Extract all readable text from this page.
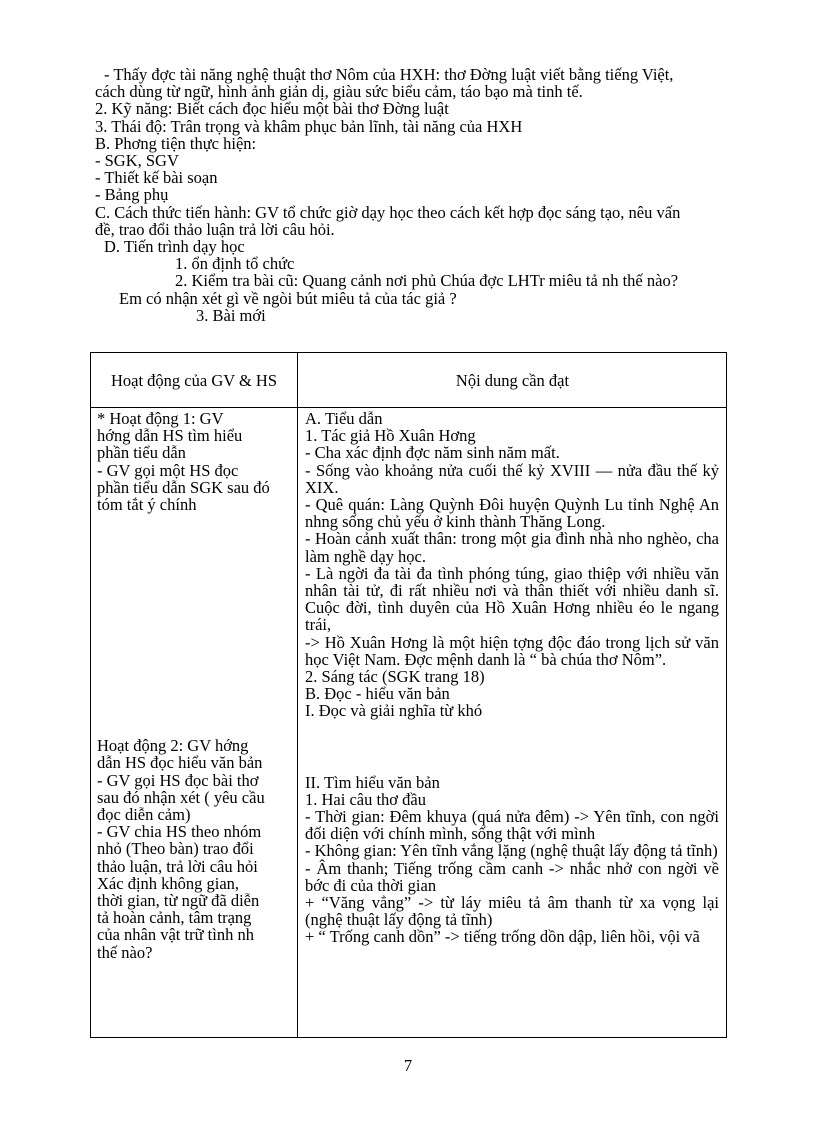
- Thấy đợc tài năng nghệ thuật thơ Nôm của HXH: thơ Đờng luật viết bằng tiếng Việt,

cách dùng từ ngữ, hình ảnh giản dị, giàu sức biểu cảm, táo bạo mà tinh tế.

2. Kỹ năng: Biết cách đọc hiểu một bài thơ Đờng luật

3. Thái độ: Trân trọng và khâm phục bản lĩnh, tài năng của HXH

B. Phơng tiện thực hiện:

- SGK, SGV

- Thiết kế bài soạn

- Bảng phụ

C. Cách thức tiến hành: GV tổ chức giờ dạy học theo cách kết hợp đọc sáng tạo, nêu vấn

đề, trao đổi thảo luận trả lời câu hỏi.

D. Tiến trình dạy học

1. ổn định tổ chức

2. Kiểm tra bài cũ: Quang cảnh nơi phủ Chúa đợc LHTr miêu tả nh thế nào?

Em có nhận xét gì về ngòi bút miêu tả của tác giả ?

3. Bài mới

Hoạt động của GV & HS	Nội dung cần đạt

* Hoạt động 1: GV

hớng dẫn HS tìm hiểu

phần tiểu dẫn

- GV gọi một HS đọc

phần tiểu dẫn SGK sau đó

tóm tắt ý chính

Hoạt động 2: GV hớng

dẫn HS đọc hiểu văn bản

- GV gọi HS đọc bài thơ

sau đó nhận xét ( yêu cầu

đọc diễn cảm)

- GV chia HS theo nhóm

nhỏ (Theo bàn) trao đổi

thảo luận, trả lời câu hỏi

Xác định không gian,

thời gian, từ ngữ đã diễn

tả hoàn cảnh, tâm trạng

của nhân vật trữ tình nh

thế nào?

A. Tiểu dẫn

1. Tác giả Hồ Xuân Hơng

- Cha xác định đợc năm sinh năm mất.

- Sống vào khoảng nửa cuối thế kỷ XVIII — nửa đầu thế kỷ XIX.

- Quê quán: Làng Quỳnh Đôi huyện Quỳnh Lu tỉnh Nghệ An nhng sống chủ yếu ở kinh thành Thăng Long.

- Hoàn cảnh xuất thân: trong một gia đình nhà nho nghèo, cha làm nghề dạy học.

- Là ngời đa tài đa tình phóng túng, giao thiệp với nhiều văn nhân tài tử, đi rất nhiều nơi và thân thiết với nhiều danh sĩ. Cuộc đời, tình duyên của Hồ Xuân Hơng nhiều éo le ngang trái,

-> Hồ Xuân Hơng là một hiện tợng độc đáo trong lịch sử văn học Việt Nam. Đợc mệnh danh là “ bà chúa thơ Nôm”.

2. Sáng tác (SGK trang 18)

B. Đọc - hiểu văn bản

I. Đọc và giải nghĩa từ khó

II. Tìm hiểu văn bản

1. Hai câu thơ đầu

- Thời gian: Đêm khuya (quá nửa đêm) -> Yên tĩnh, con ngời đối diện với chính mình, sống thật với mình

- Không gian: Yên tĩnh vắng lặng (nghệ thuật lấy động tả tĩnh)

- Âm thanh; Tiếng trống cầm canh -> nhắc nhở con ngời về bớc đi của thời gian

+ “Văng vẳng” -> từ láy miêu tả âm thanh từ xa vọng lại (nghệ thuật lấy động tả tĩnh)

+ “ Trống canh dồn” -> tiếng trống dồn dập, liên hồi, vội vã

7
